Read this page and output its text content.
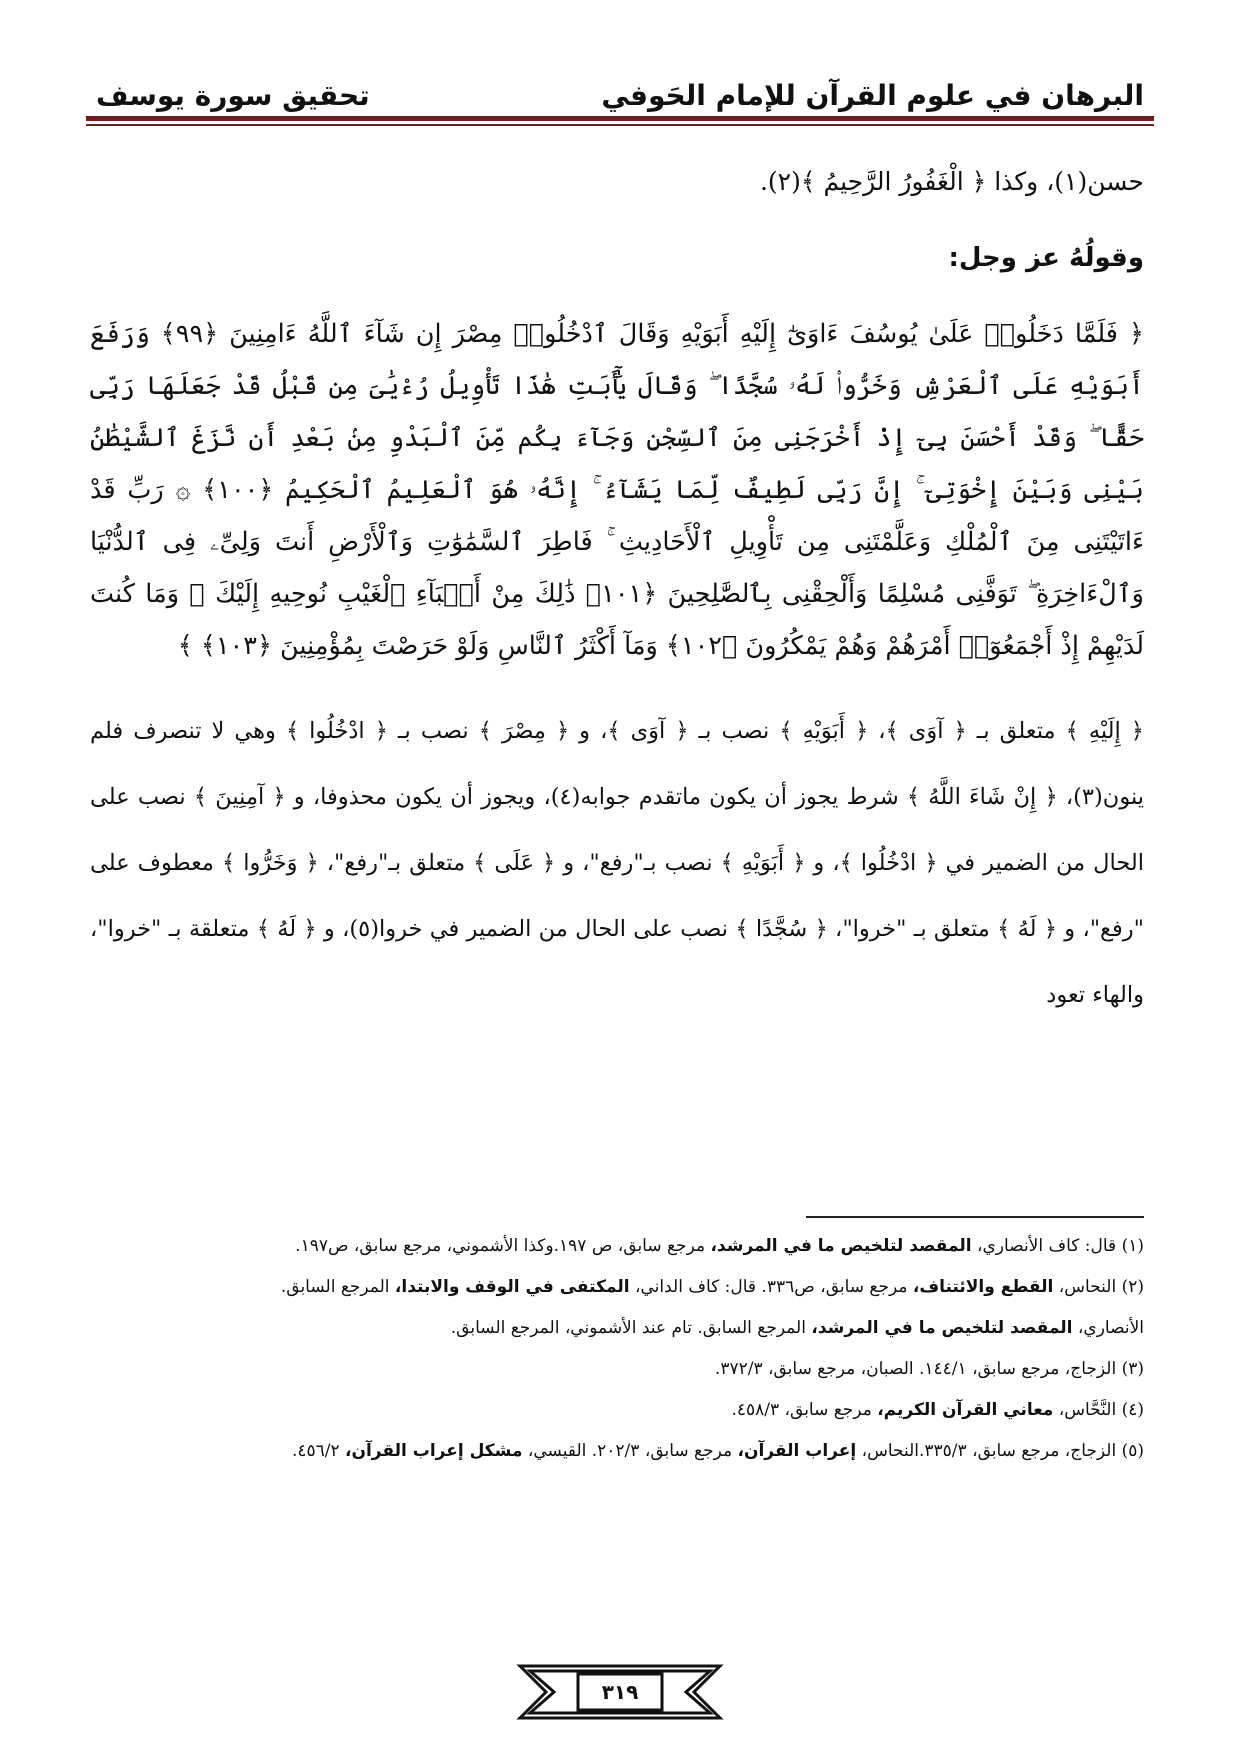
البرهان في علوم القرآن للإمام الحَوفي
تحقيق سورة يوسف

حسن(١)، وكذا ﴿ الْغَفُورُ الرَّحِيمُ ﴾(٢).

وقولُهُ عز وجل:

﴿ فَلَمَّا دَخَلُوا۟ عَلَىٰ يُوسُفَ ءَاوَىٰٓ إِلَيْهِ أَبَوَيْهِ وَقَالَ ٱدْخُلُوا۟ مِصْرَ إِن شَآءَ ٱللَّهُ ءَامِنِينَ ﴿٩٩﴾ وَرَفَعَ أَبَوَيْهِ عَلَى ٱلْعَرْشِ وَخَرُّوا۟ لَهُۥ سُجَّدًا ۖ وَقَالَ يَٰٓأَبَتِ هَٰذَا تَأْوِيلُ رُءْيَٰىَ مِن قَبْلُ قَدْ جَعَلَهَا رَبِّى حَقًّا ۖ وَقَدْ أَحْسَنَ بِىٓ إِذْ أَخْرَجَنِى مِنَ ٱلسِّجْنِ وَجَآءَ بِكُم مِّنَ ٱلْبَدْوِ مِنۢ بَعْدِ أَن نَّزَغَ ٱلشَّيْطَٰنُ بَيْنِى وَبَيْنَ إِخْوَتِىٓ ۚ إِنَّ رَبِّى لَطِيفٌ لِّمَا يَشَآءُ ۚ إِنَّهُۥ هُوَ ٱلْعَلِيمُ ٱلْحَكِيمُ ﴿١٠٠﴾ ۞ رَبِّ قَدْ ءَاتَيْتَنِى مِنَ ٱلْمُلْكِ وَعَلَّمْتَنِى مِن تَأْوِيلِ ٱلْأَحَادِيثِ ۚ فَاطِرَ ٱلسَّمَٰوَٰتِ وَٱلْأَرْضِ أَنتَ وَلِىِّۦ فِى ٱلدُّنْيَا وَٱلْءَاخِرَةِ ۖ تَوَفَّنِى مُسْلِمًا وَأَلْحِقْنِى بِٱلصَّٰلِحِينَ ﴿١٠١﴾ ذَٰلِكَ مِنْ أَنۢبَآءِ ٱلْغَيْبِ نُوحِيهِ إِلَيْكَ ۖ وَمَا كُنتَ لَدَيْهِمْ إِذْ أَجْمَعُوٓا۟ أَمْرَهُمْ وَهُمْ يَمْكُرُونَ ﴿١٠٢﴾ وَمَآ أَكْثَرُ ٱلنَّاسِ وَلَوْ حَرَصْتَ بِمُؤْمِنِينَ ﴿١٠٣﴾ ﴾

﴿ إِلَيْهِ ﴾ متعلق بـ ﴿ آوَى ﴾، ﴿ أَبَوَيْهِ ﴾ نصب بـ ﴿ آوَى ﴾، و ﴿ مِصْرَ ﴾ نصب بـ ﴿ ادْخُلُوا ﴾ وهي لا تنصرف فلم ينون(٣)، ﴿ إِنْ شَاءَ اللَّهُ ﴾ شرط يجوز أن يكون ماتقدم جوابه(٤)، ويجوز أن يكون محذوفا، و ﴿ آمِنِينَ ﴾ نصب على الحال من الضمير في ﴿ ادْخُلُوا ﴾، و ﴿ أَبَوَيْهِ ﴾ نصب بـ"رفع"، و ﴿ عَلَى ﴾ متعلق بـ"رفع"، ﴿ وَخَرُّوا ﴾ معطوف على "رفع"، و ﴿ لَهُ ﴾ متعلق بـ "خروا"، ﴿ سُجَّدًا ﴾ نصب على الحال من الضمير في خروا(٥)، و ﴿ لَهُ ﴾ متعلقة بـ "خروا"، والهاء تعود

(١) قال: كاف الأنصاري، المقصد لتلخيص ما في المرشد، مرجع سابق، ص ١٩٧.وكذا الأشموني، مرجع سابق، ص١٩٧.

(٢) النحاس، القطع والائتناف، مرجع سابق، ص٣٣٦. قال: كاف الداني، المكتفى في الوقف والابتدا، المرجع السابق.

الأنصاري، المقصد لتلخيص ما في المرشد، المرجع السابق. تام عند الأشموني، المرجع السابق.

(٣) الزجاج، مرجع سابق، ١٤٤/١. الصبان، مرجع سابق، ٣٧٢/٣.

(٤) النَّحَّاس، معاني القرآن الكريم، مرجع سابق، ٤٥٨/٣.

(٥) الزجاج، مرجع سابق، ٣٣٥/٣.النحاس، إعراب القرآن، مرجع سابق، ٢٠٢/٣. القيسي، مشكل إعراب القرآن، ٤٥٦/٢.

٣١٩
